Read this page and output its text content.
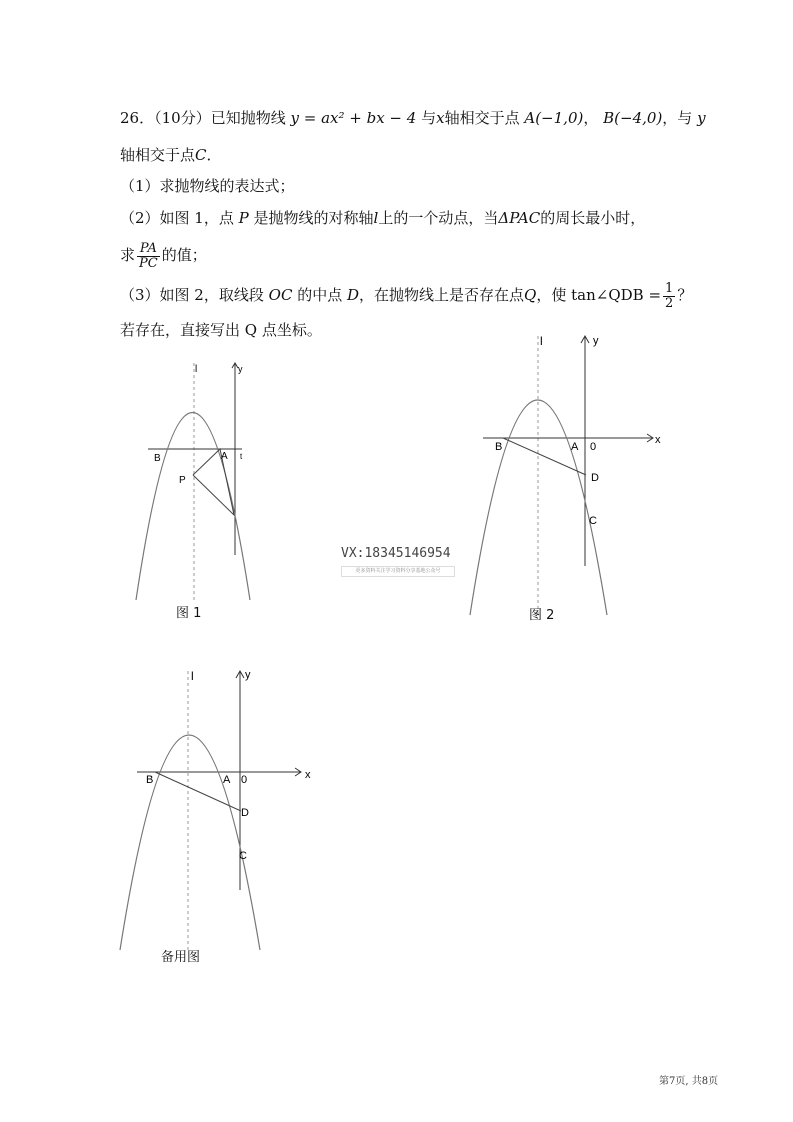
26．（10分）已知抛物线 y = ax² + bx − 4 与x轴相交于点 A(−1,0)， B(−4,0)，与 y
轴相交于点C．
（1）求抛物线的表达式；
（2）如图 1，点 P 是抛物线的对称轴l上的一个动点，当ΔPAC的周长最小时，
求 $\frac{PA}{PC}$ 的值；
（3）如图 2，取线段 OC 的中点 D，在抛物线上是否存在点Q，使 tan∠QDB = $\frac{1}{2}$ ？
若存在，直接写出 Q 点坐标。
l	y
B	A
P
t
图 1
l	y
x
B	A 0
D
C
图 2
l	y
x
B	A 0
D
C
备用图
VX:18345146954
更多资料关注学习资料分享基地公众号
第7页, 共8页
